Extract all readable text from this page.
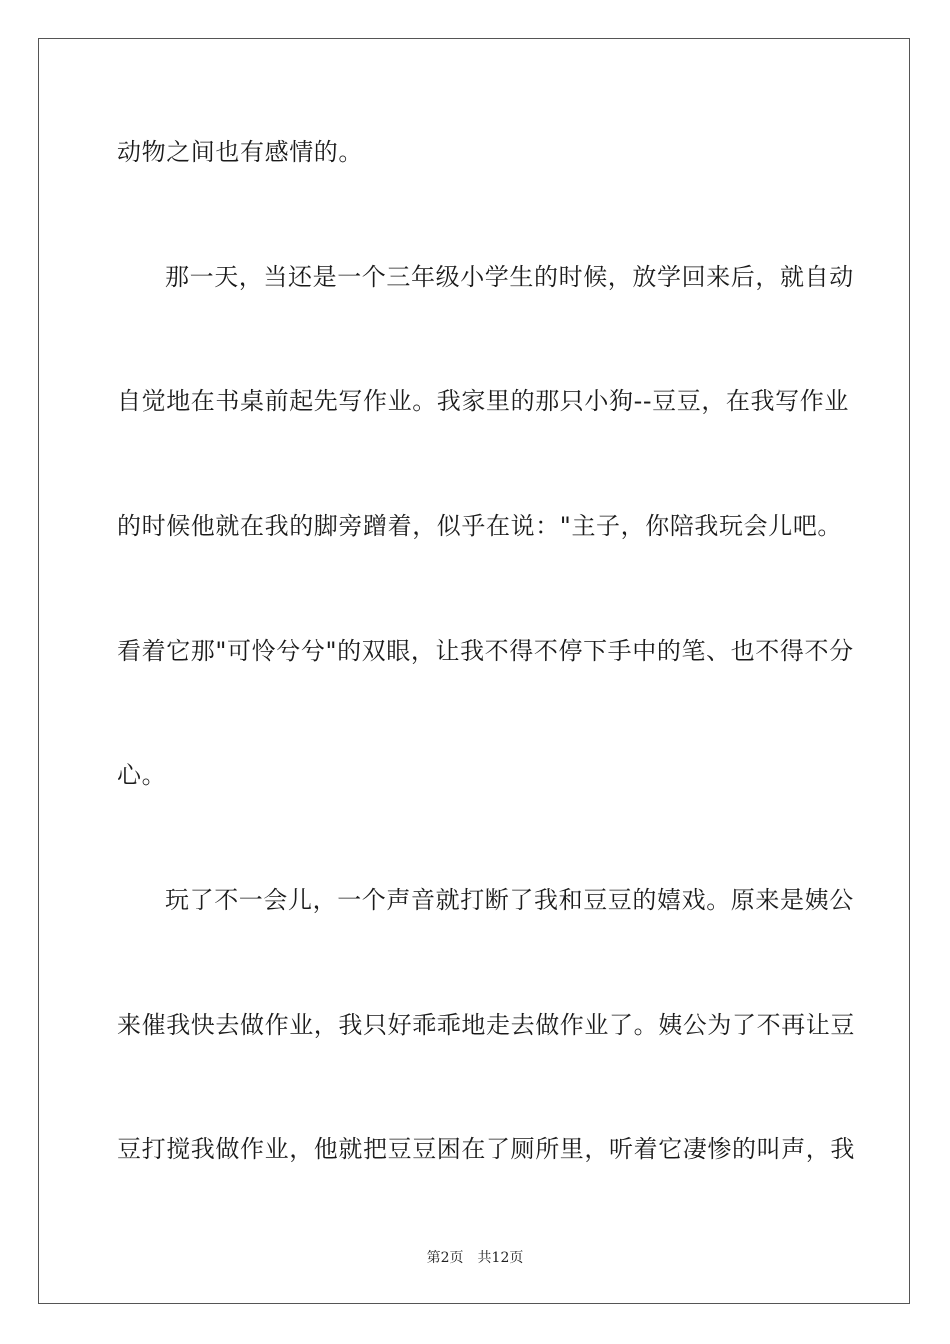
动物之间也有感情的。
那一天，当还是一个三年级小学生的时候，放学回来后，就自动
自觉地在书桌前起先写作业。我家里的那只小狗--豆豆，在我写作业
的时候他就在我的脚旁蹭着，似乎在说："主子，你陪我玩会儿吧。
看着它那"可怜兮兮"的双眼，让我不得不停下手中的笔、也不得不分
心。
玩了不一会儿，一个声音就打断了我和豆豆的嬉戏。原来是姨公
来催我快去做作业，我只好乖乖地走去做作业了。姨公为了不再让豆
豆打搅我做作业，他就把豆豆困在了厕所里，听着它凄惨的叫声，我
第2页 共12页
